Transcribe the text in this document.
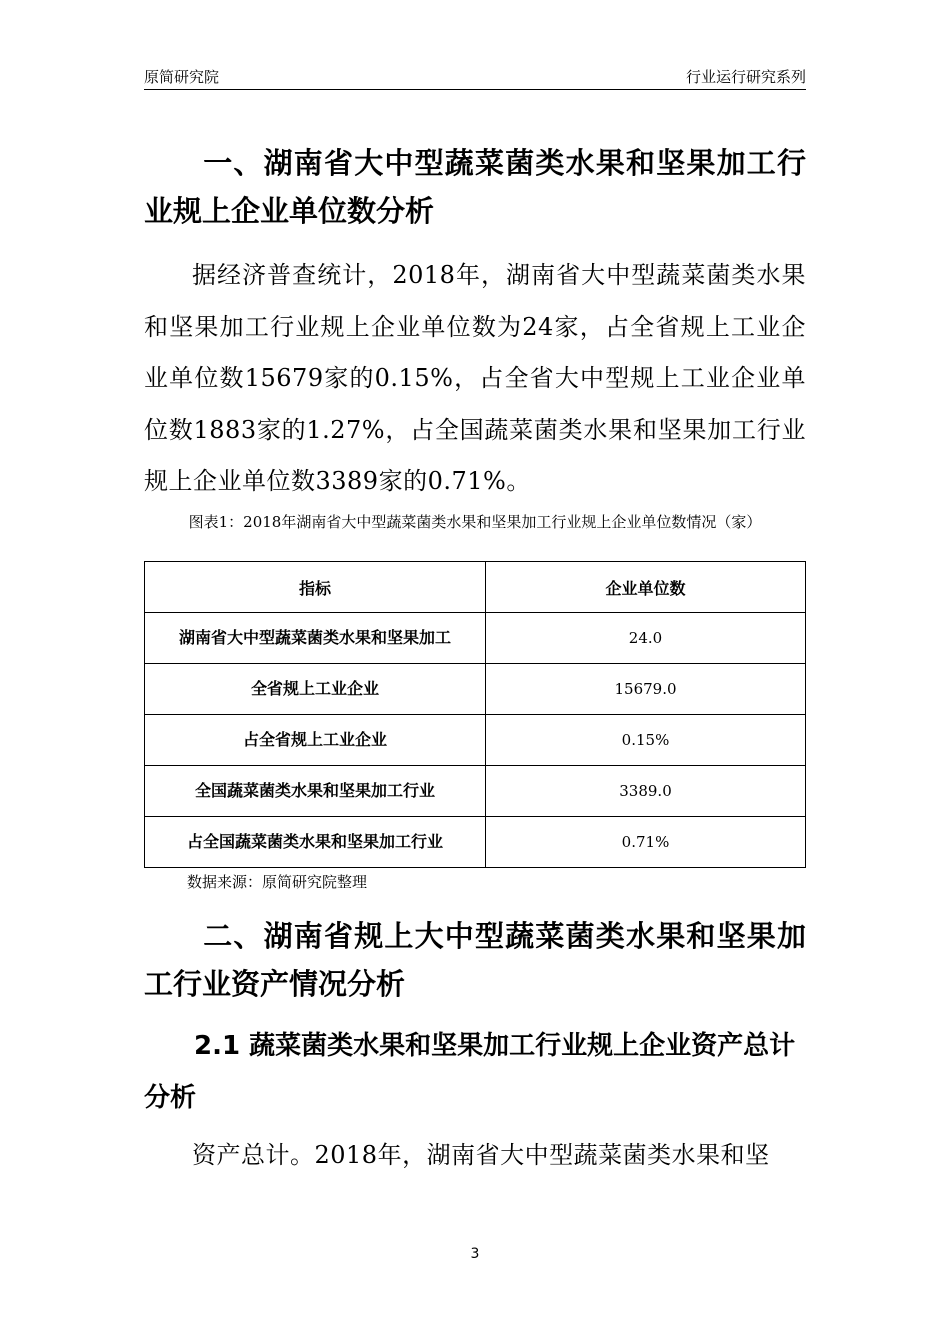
原简研究院	行业运行研究系列
一、湖南省大中型蔬菜菌类水果和坚果加工行业规上企业单位数分析
据经济普查统计，2018年，湖南省大中型蔬菜菌类水果和坚果加工行业规上企业单位数为24家，占全省规上工业企业单位数15679家的0.15%，占全省大中型规上工业企业单位数1883家的1.27%，占全国蔬菜菌类水果和坚果加工行业规上企业单位数3389家的0.71%。
图表1：2018年湖南省大中型蔬菜菌类水果和坚果加工行业规上企业单位数情况（家）
指标	企业单位数
湖南省大中型蔬菜菌类水果和坚果加工	24.0
全省规上工业企业	15679.0
占全省规上工业企业	0.15%
全国蔬菜菌类水果和坚果加工行业	3389.0
占全国蔬菜菌类水果和坚果加工行业	0.71%
数据来源：原简研究院整理
二、湖南省规上大中型蔬菜菌类水果和坚果加工行业资产情况分析
2.1 蔬菜菌类水果和坚果加工行业规上企业资产总计分析
资产总计。2018年，湖南省大中型蔬菜菌类水果和坚
3
